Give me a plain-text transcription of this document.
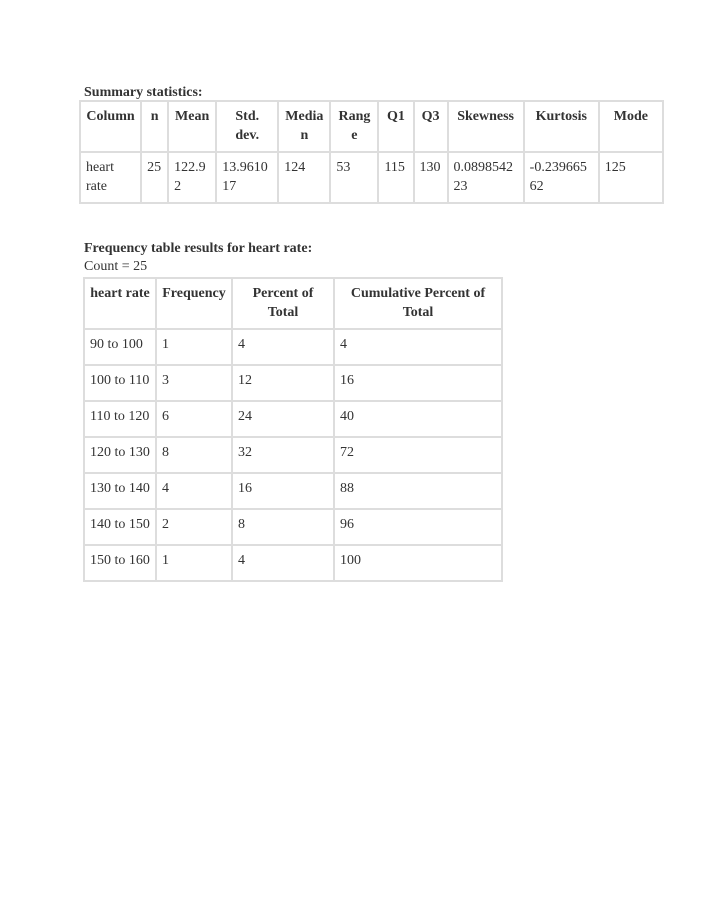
Summary statistics:

Column	n	Mean	Std. dev.	Median	Range	Q1	Q3	Skewness	Kurtosis	Mode
heart rate	25	122.92	13.961017	124	53	115	130	0.089854223	-0.23966562	125

Frequency table results for heart rate:

Count = 25

heart rate	Frequency	Percent of Total	Cumulative Percent of Total
90 to 100	1	4	4
100 to 110	3	12	16
110 to 120	6	24	40
120 to 130	8	32	72
130 to 140	4	16	88
140 to 150	2	8	96
150 to 160	1	4	100
